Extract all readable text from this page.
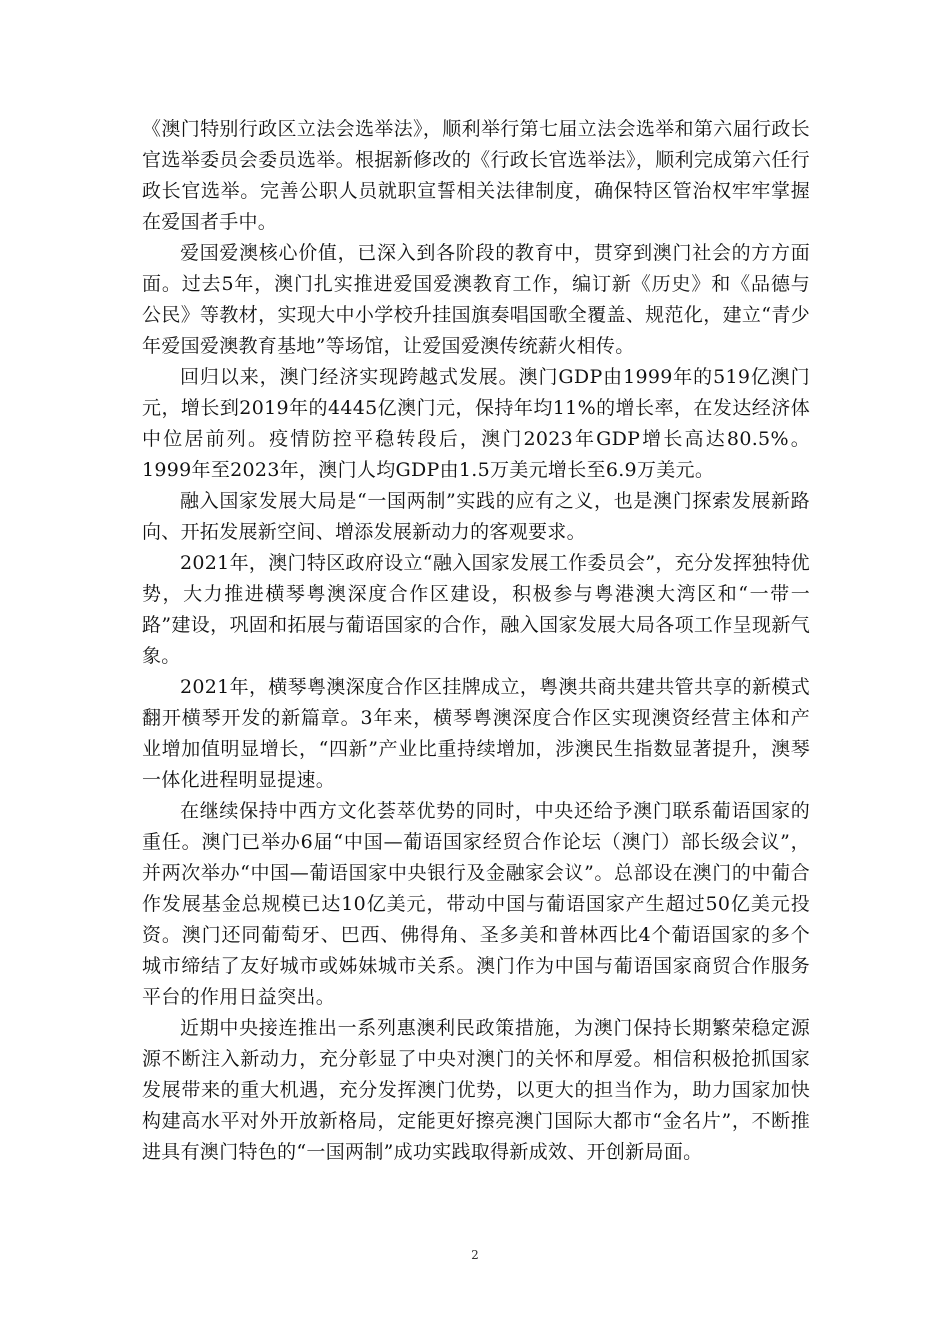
《澳门特别行政区立法会选举法》，顺利举行第七届立法会选举和第六届行政长官选举委员会委员选举。根据新修改的《行政长官选举法》，顺利完成第六任行政长官选举。完善公职人员就职宣誓相关法律制度，确保特区管治权牢牢掌握在爱国者手中。

爱国爱澳核心价值，已深入到各阶段的教育中，贯穿到澳门社会的方方面面。过去5年，澳门扎实推进爱国爱澳教育工作，编订新《历史》和《品德与公民》等教材，实现大中小学校升挂国旗奏唱国歌全覆盖、规范化，建立“青少年爱国爱澳教育基地”等场馆，让爱国爱澳传统薪火相传。

回归以来，澳门经济实现跨越式发展。澳门GDP由1999年的519亿澳门元，增长到2019年的4445亿澳门元，保持年均11%的增长率，在发达经济体中位居前列。疫情防控平稳转段后，澳门2023年GDP增长高达80.5%。1999年至2023年，澳门人均GDP由1.5万美元增长至6.9万美元。

融入国家发展大局是“一国两制”实践的应有之义，也是澳门探索发展新路向、开拓发展新空间、增添发展新动力的客观要求。

2021年，澳门特区政府设立“融入国家发展工作委员会”，充分发挥独特优势，大力推进横琴粤澳深度合作区建设，积极参与粤港澳大湾区和“一带一路”建设，巩固和拓展与葡语国家的合作，融入国家发展大局各项工作呈现新气象。

2021年，横琴粤澳深度合作区挂牌成立，粤澳共商共建共管共享的新模式翻开横琴开发的新篇章。3年来，横琴粤澳深度合作区实现澳资经营主体和产业增加值明显增长，“四新”产业比重持续增加，涉澳民生指数显著提升，澳琴一体化进程明显提速。

在继续保持中西方文化荟萃优势的同时，中央还给予澳门联系葡语国家的重任。澳门已举办6届“中国—葡语国家经贸合作论坛（澳门）部长级会议”，并两次举办“中国—葡语国家中央银行及金融家会议”。总部设在澳门的中葡合作发展基金总规模已达10亿美元，带动中国与葡语国家产生超过50亿美元投资。澳门还同葡萄牙、巴西、佛得角、圣多美和普林西比4个葡语国家的多个城市缔结了友好城市或姊妹城市关系。澳门作为中国与葡语国家商贸合作服务平台的作用日益突出。

近期中央接连推出一系列惠澳利民政策措施，为澳门保持长期繁荣稳定源源不断注入新动力，充分彰显了中央对澳门的关怀和厚爱。相信积极抢抓国家发展带来的重大机遇，充分发挥澳门优势，以更大的担当作为，助力国家加快构建高水平对外开放新格局，定能更好擦亮澳门国际大都市“金名片”，不断推进具有澳门特色的“一国两制”成功实践取得新成效、开创新局面。

2
